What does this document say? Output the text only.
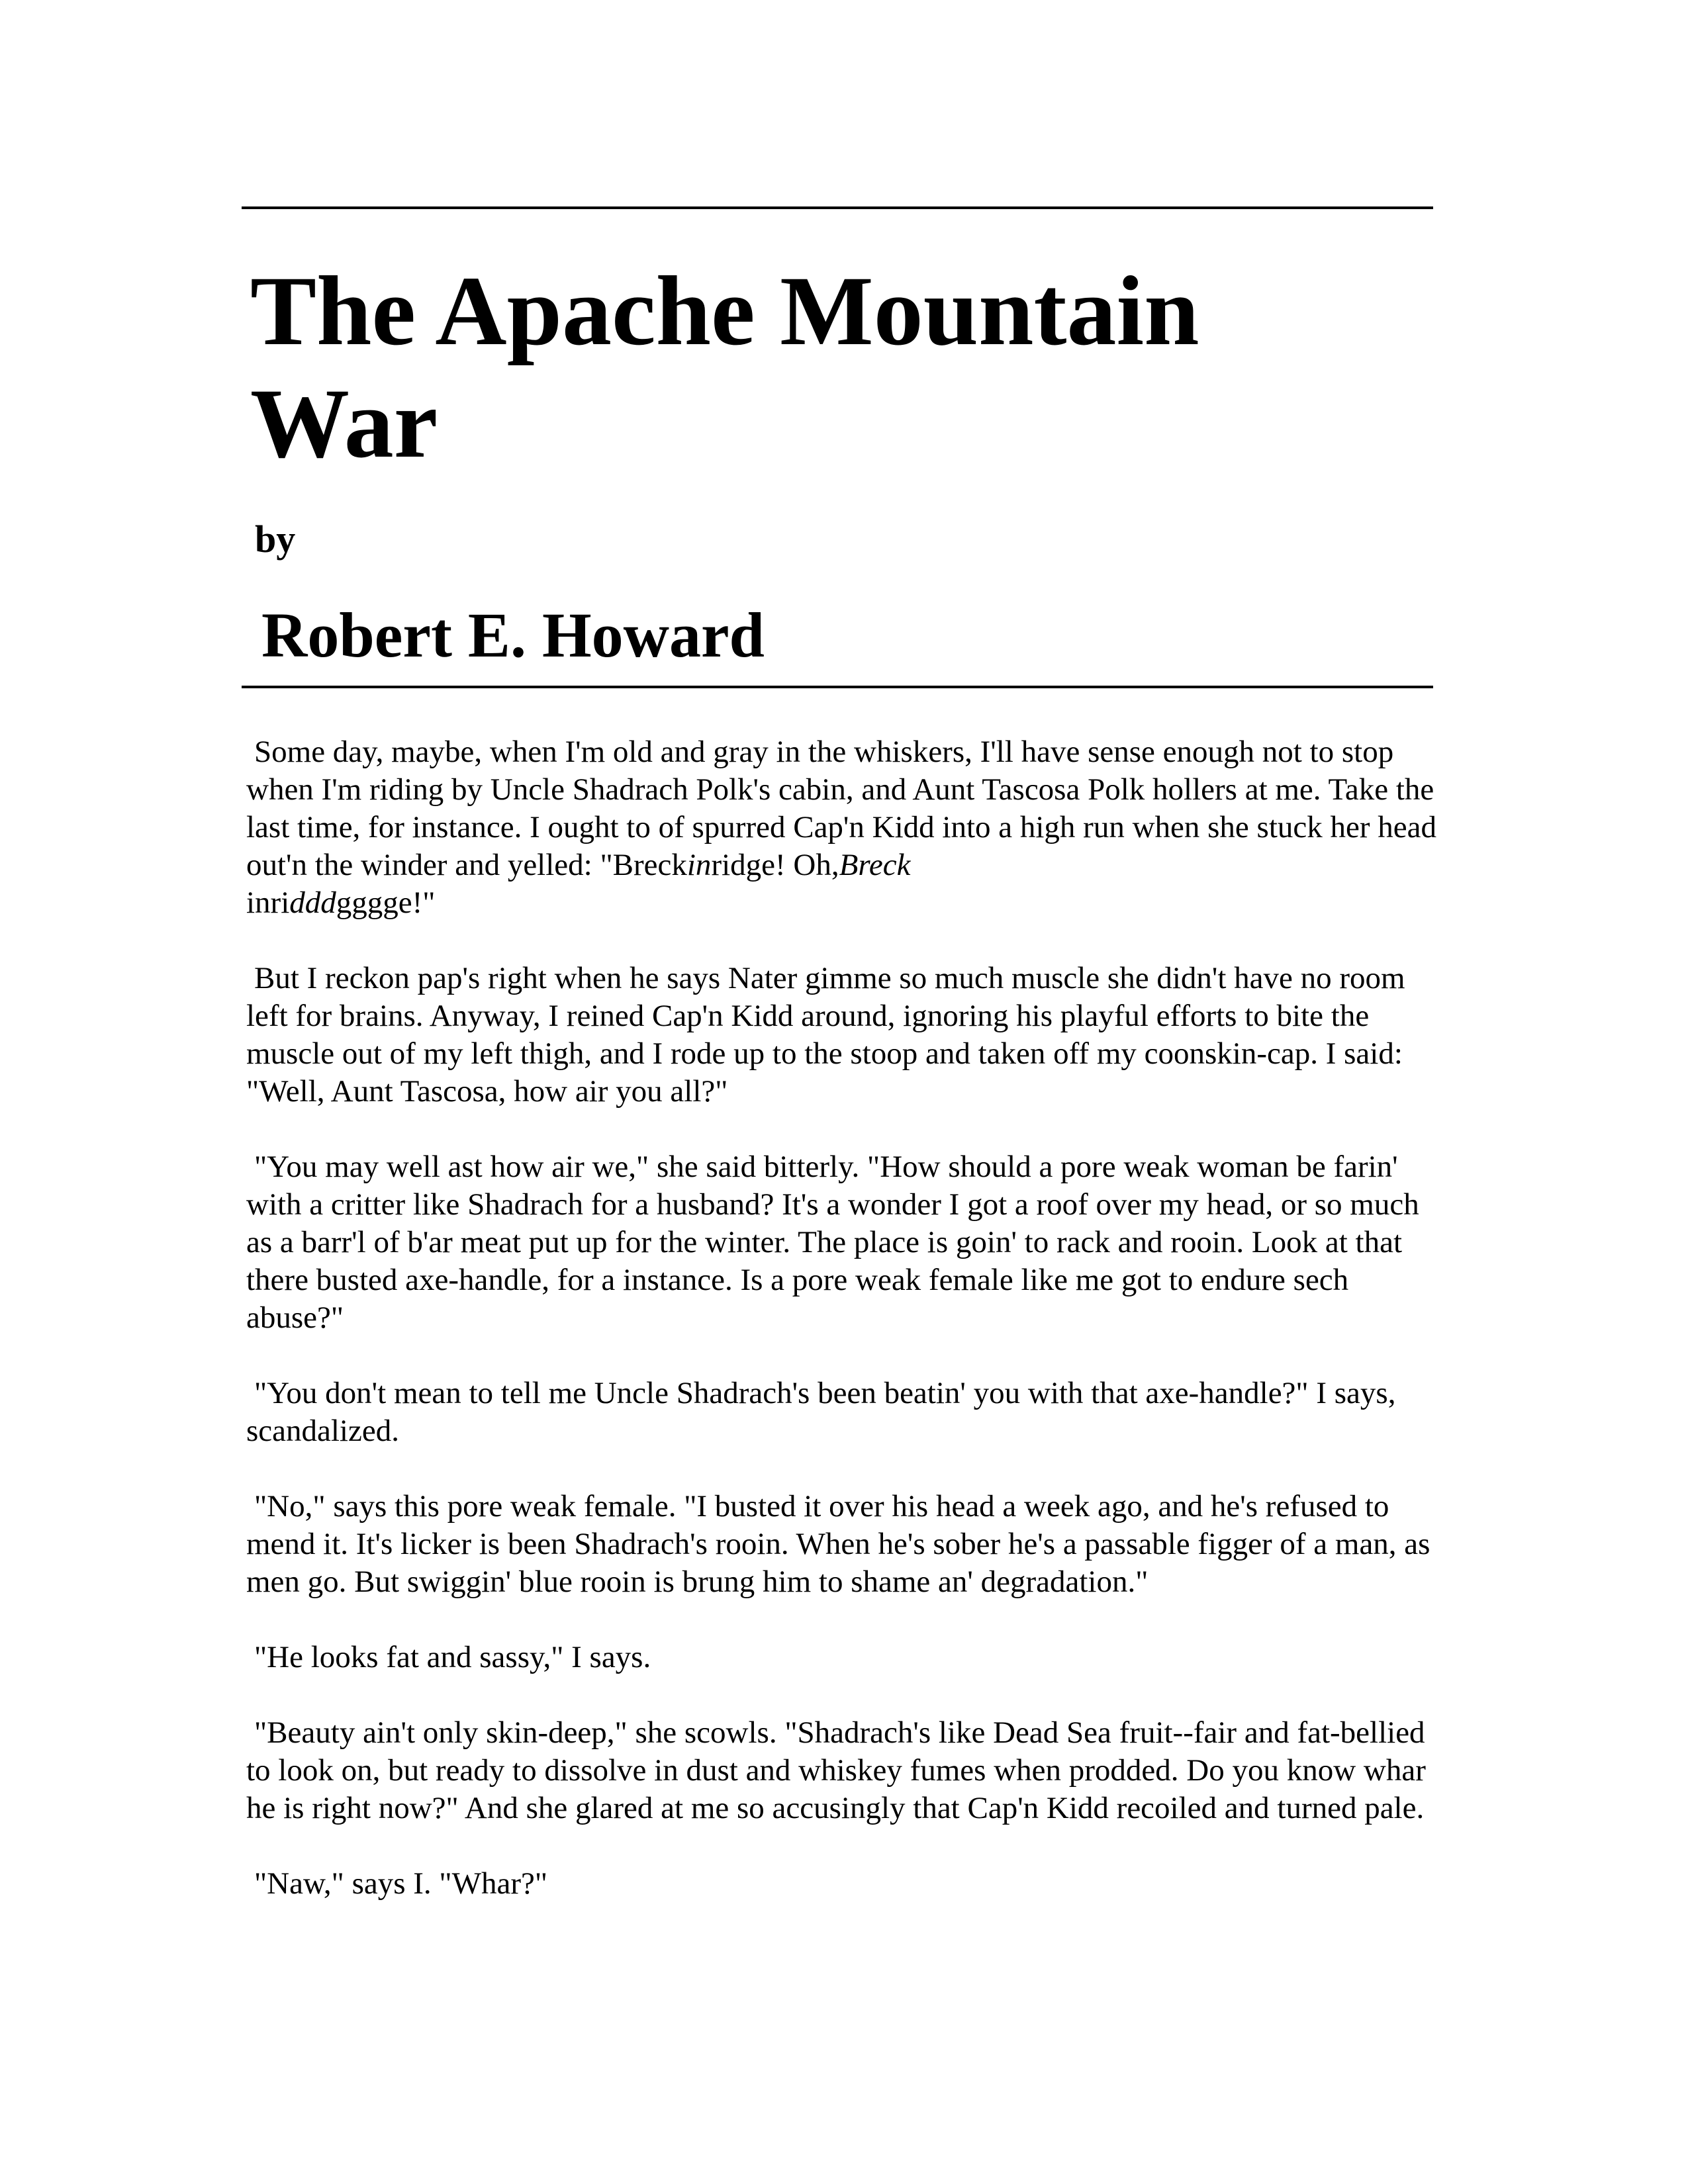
The Apache Mountain
War
by
Robert E. Howard

Some day, maybe, when I'm old and gray in the whiskers, I'll have sense enough not to stop when I'm riding by Uncle Shadrach Polk's cabin, and Aunt Tascosa Polk hollers at me. Take the last time, for instance. I ought to of spurred Cap'n Kidd into a high run when she stuck her head out'n the winder and yelled: "Breckinridge! Oh,Breck
inridddgggge!"

But I reckon pap's right when he says Nater gimme so much muscle she didn't have no room left for brains. Anyway, I reined Cap'n Kidd around, ignoring his playful efforts to bite the muscle out of my left thigh, and I rode up to the stoop and taken off my coonskin-cap. I said: "Well, Aunt Tascosa, how air you all?"

"You may well ast how air we," she said bitterly. "How should a pore weak woman be farin' with a critter like Shadrach for a husband? It's a wonder I got a roof over my head, or so much as a barr'l of b'ar meat put up for the winter. The place is goin' to rack and rooin. Look at that there busted axe-handle, for a instance. Is a pore weak female like me got to endure sech abuse?"

"You don't mean to tell me Uncle Shadrach's been beatin' you with that axe-handle?" I says, scandalized.

"No," says this pore weak female. "I busted it over his head a week ago, and he's refused to mend it. It's licker is been Shadrach's rooin. When he's sober he's a passable figger of a man, as men go. But swiggin' blue rooin is brung him to shame an' degradation."

"He looks fat and sassy," I says.

"Beauty ain't only skin-deep," she scowls. "Shadrach's like Dead Sea fruit--fair and fat-bellied to look on, but ready to dissolve in dust and whiskey fumes when prodded. Do you know whar he is right now?" And she glared at me so accusingly that Cap'n Kidd recoiled and turned pale.

"Naw," says I. "Whar?"
